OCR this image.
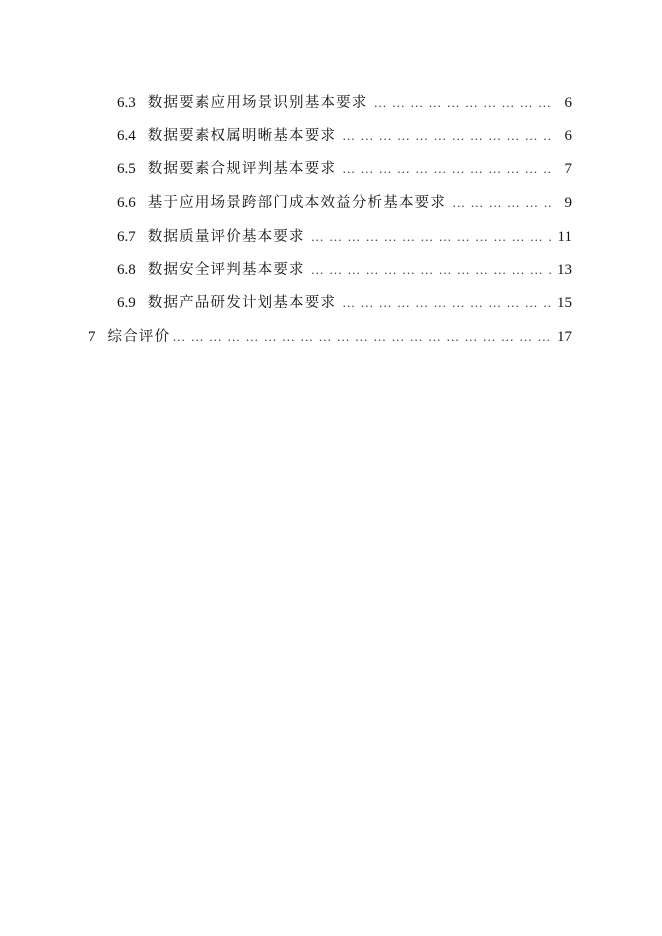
6.3 数据要素应用场景识别基本要求 … … … … … … … … … … … … … … … … … … … … … … … … … … … … … … … … … … … … … … … … … …	6
6.4 数据要素权属明晰基本要求 … … … … … … … … … … … … … … … … … … … … … … … … … … … … … … … … … … … … … … … … … …	6
6.5 数据要素合规评判基本要求 … … … … … … … … … … … … … … … … … … … … … … … … … … … … … … … … … … … … … … … … … …	7
6.6 基于应用场景跨部门成本效益分析基本要求 … … … … … … … … … … … … … … … … … … … … … … … … … … … … … … … … … … … … … … … … … …	9
6.7 数据质量评价基本要求 … … … … … … … … … … … … … … … … … … … … … … … … … … … … … … … … … … … … … … … … … …	11
6.8 数据安全评判基本要求 … … … … … … … … … … … … … … … … … … … … … … … … … … … … … … … … … … … … … … … … … …	13
6.9 数据产品研发计划基本要求 … … … … … … … … … … … … … … … … … … … … … … … … … … … … … … … … … … … … … … … … … …	15
7 综合评价 … … … … … … … … … … … … … … … … … … … … … … … … … … … … … … … … … … … … … … … … … …	17
